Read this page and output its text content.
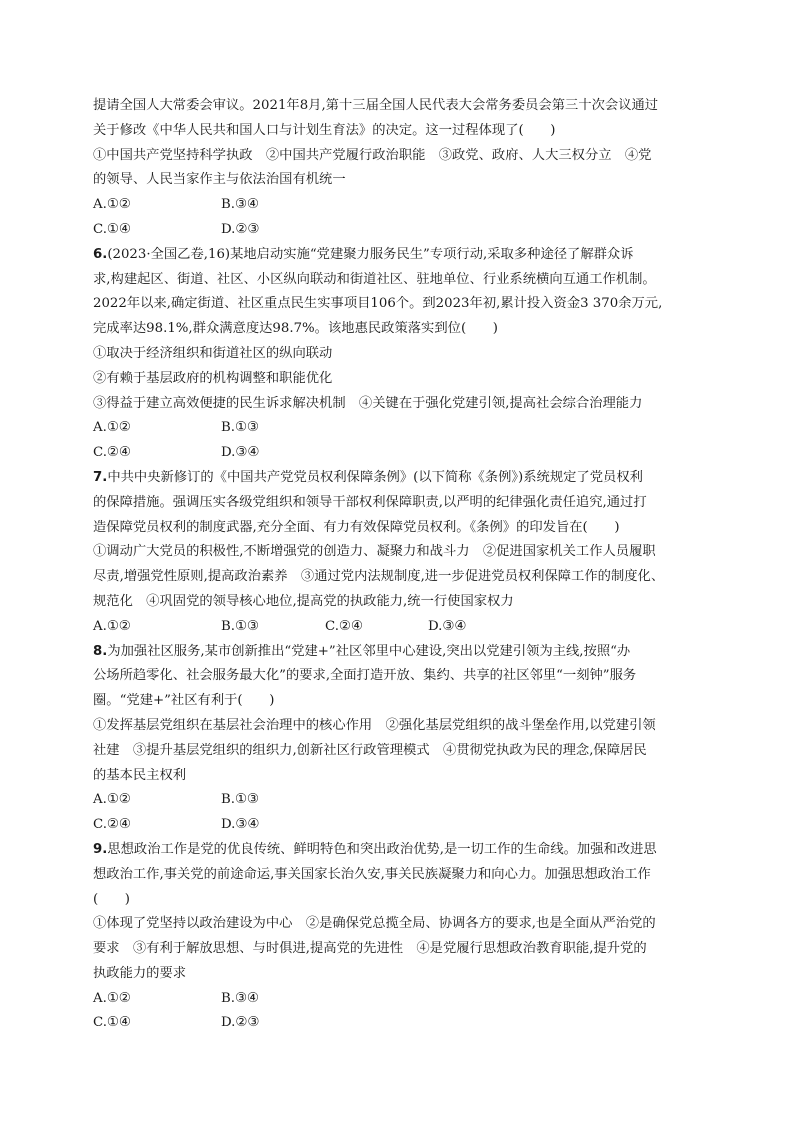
提请全国人大常委会审议。2021年8月,第十三届全国人民代表大会常务委员会第三十次会议通过

关于修改《中华人民共和国人口与计划生育法》的决定。这一过程体现了(　　)

①中国共产党坚持科学执政　②中国共产党履行政治职能　③政党、政府、人大三权分立　④党

的领导、人民当家作主与依法治国有机统一

A.①②	B.③④
C.①④	D.②③

6.(2023·全国乙卷,16)某地启动实施“党建聚力服务民生”专项行动,采取多种途径了解群众诉

求,构建起区、街道、社区、小区纵向联动和街道社区、驻地单位、行业系统横向互通工作机制。

2022年以来,确定街道、社区重点民生实事项目106个。到2023年初,累计投入资金3 370余万元,

完成率达98.1%,群众满意度达98.7%。该地惠民政策落实到位(　　)

①取决于经济组织和街道社区的纵向联动

②有赖于基层政府的机构调整和职能优化

③得益于建立高效便捷的民生诉求解决机制　④关键在于强化党建引领,提高社会综合治理能力

A.①②	B.①③
C.②④	D.③④

7.中共中央新修订的《中国共产党党员权利保障条例》(以下简称《条例》)系统规定了党员权利

的保障措施。强调压实各级党组织和领导干部权利保障职责,以严明的纪律强化责任追究,通过打

造保障党员权利的制度武器,充分全面、有力有效保障党员权利。《条例》的印发旨在(　　)

①调动广大党员的积极性,不断增强党的创造力、凝聚力和战斗力　②促进国家机关工作人员履职

尽责,增强党性原则,提高政治素养　③通过党内法规制度,进一步促进党员权利保障工作的制度化、

规范化　④巩固党的领导核心地位,提高党的执政能力,统一行使国家权力

A.①②	B.①③	C.②④	D.③④

8.为加强社区服务,某市创新推出“党建+”社区邻里中心建设,突出以党建引领为主线,按照“办

公场所趋零化、社会服务最大化”的要求,全面打造开放、集约、共享的社区邻里“一刻钟”服务

圈。“党建+”社区有利于(　　)

①发挥基层党组织在基层社会治理中的核心作用　②强化基层党组织的战斗堡垒作用,以党建引领

社建　③提升基层党组织的组织力,创新社区行政管理模式　④贯彻党执政为民的理念,保障居民

的基本民主权利

A.①②	B.①③
C.②④	D.③④

9.思想政治工作是党的优良传统、鲜明特色和突出政治优势,是一切工作的生命线。加强和改进思

想政治工作,事关党的前途命运,事关国家长治久安,事关民族凝聚力和向心力。加强思想政治工作

(　　)

①体现了党坚持以政治建设为中心　②是确保党总揽全局、协调各方的要求,也是全面从严治党的

要求　③有利于解放思想、与时俱进,提高党的先进性　④是党履行思想政治教育职能,提升党的

执政能力的要求

A.①②	B.③④
C.①④	D.②③
